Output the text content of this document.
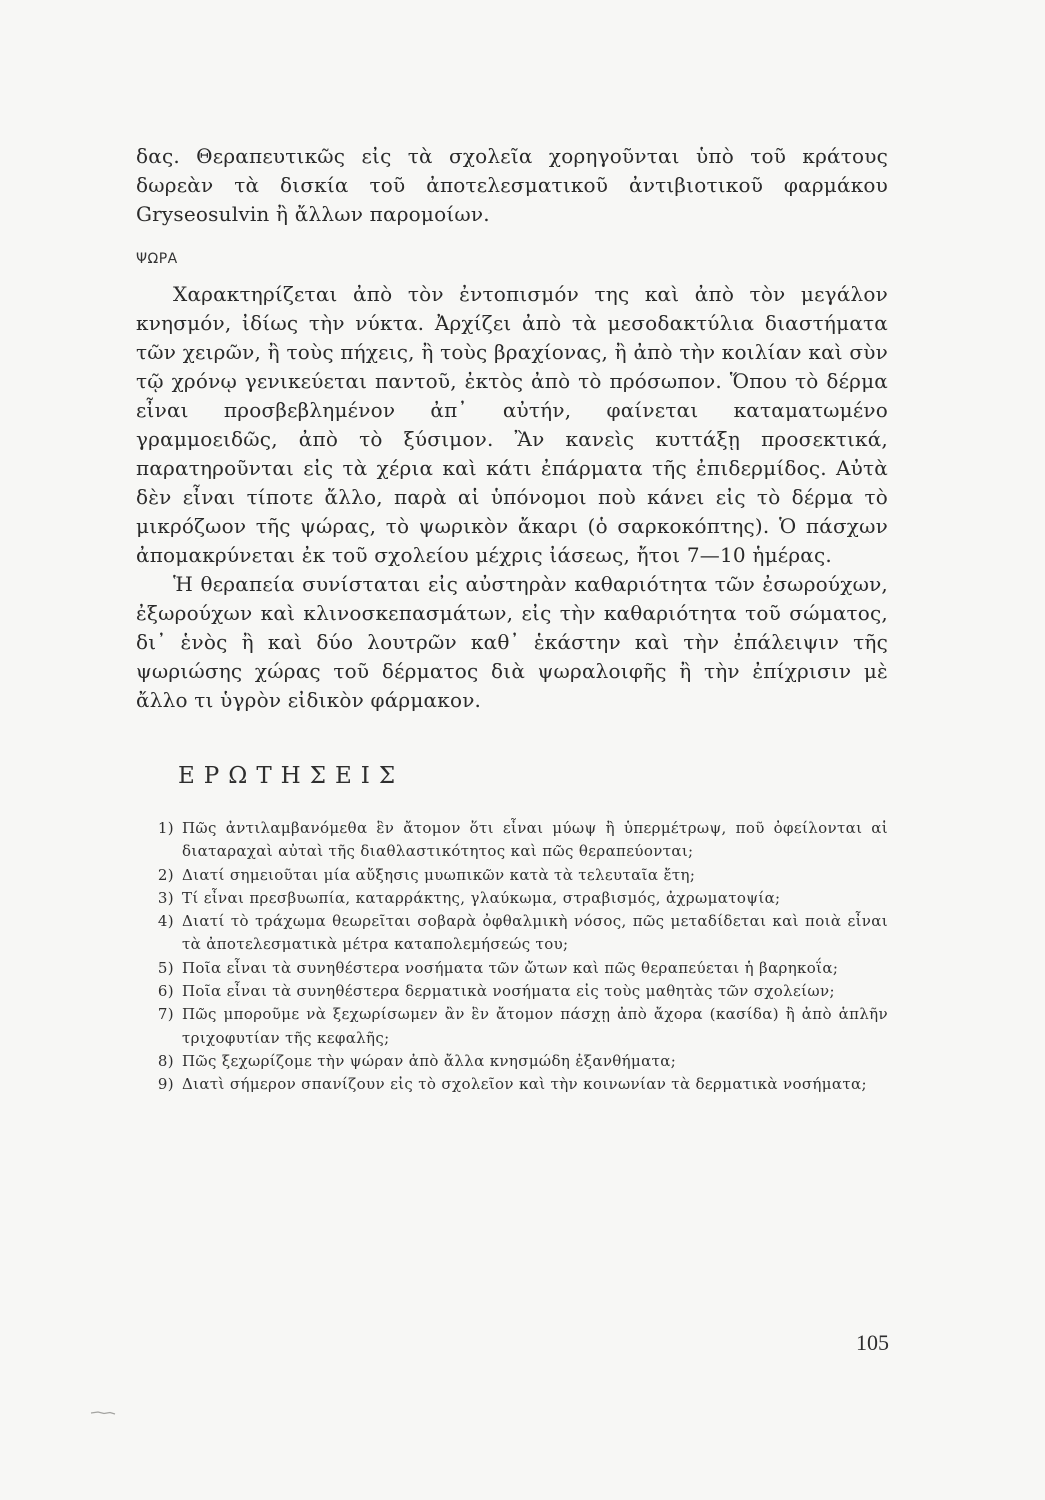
δας. Θεραπευτικῶς εἰς τὰ σχολεῖα χορηγοῦνται ὑπὸ τοῦ κράτους δωρεὰν τὰ δισκία τοῦ ἀποτελεσματικοῦ ἀντιβιοτικοῦ φαρμάκου Gryseosulvin ἢ ἄλλων παρομοίων.

ΨΩΡΑ

Χαρακτηρίζεται ἀπὸ τὸν ἐντοπισμόν της καὶ ἀπὸ τὸν μεγάλον κνησμόν, ἰδίως τὴν νύκτα. Ἀρχίζει ἀπὸ τὰ μεσοδακτύλια διαστήματα τῶν χειρῶν, ἢ τοὺς πήχεις, ἢ τοὺς βραχίονας, ἢ ἀπὸ τὴν κοιλίαν καὶ σὺν τῷ χρόνῳ γενικεύεται παντοῦ, ἐκτὸς ἀπὸ τὸ πρόσωπον. Ὅπου τὸ δέρμα εἶναι προσβεβλημένον ἀπ᾽ αὐτήν, φαίνεται καταματωμένο γραμμοειδῶς, ἀπὸ τὸ ξύσιμον. Ἂν κανεὶς κυττάξῃ προσεκτικά, παρατηροῦνται εἰς τὰ χέρια καὶ κάτι ἐπάρματα τῆς ἐπιδερμίδος. Αὐτὰ δὲν εἶναι τίποτε ἄλλο, παρὰ αἱ ὑπόνομοι ποὺ κάνει εἰς τὸ δέρμα τὸ μικρόζωον τῆς ψώρας, τὸ ψωρικὸν ἄκαρι (ὁ σαρκοκόπτης). Ὁ πάσχων ἀπομακρύνεται ἐκ τοῦ σχολείου μέχρις ἰάσεως, ἤτοι 7—10 ἡμέρας.

Ἡ θεραπεία συνίσταται εἰς αὐστηρὰν καθαριότητα τῶν ἐσωρούχων, ἐξωρούχων καὶ κλινοσκεπασμάτων, εἰς τὴν καθαριότητα τοῦ σώματος, δι᾽ ἑνὸς ἢ καὶ δύο λουτρῶν καθ᾽ ἑκάστην καὶ τὴν ἐπάλειψιν τῆς ψωριώσης χώρας τοῦ δέρματος διὰ ψωραλοιφῆς ἢ τὴν ἐπίχρισιν μὲ ἄλλο τι ὑγρὸν εἰδικὸν φάρμακον.

ΕΡΩΤΗΣΕΙΣ
1) Πῶς ἀντιλαμβανόμεθα ἓν ἄτομον ὅτι εἶναι μύωψ ἢ ὑπερμέτρωψ, ποῦ ὀφείλονται αἱ διαταραχαὶ αὐταὶ τῆς διαθλαστικότητος καὶ πῶς θεραπεύονται;
2) Διατί σημειοῦται μία αὔξησις μυωπικῶν κατὰ τὰ τελευταῖα ἔτη;
3) Τί εἶναι πρεσβυωπία, καταρράκτης, γλαύκωμα, στραβισμός, ἀχρωματοψία;
4) Διατί τὸ τράχωμα θεωρεῖται σοβαρὰ ὀφθαλμικὴ νόσος, πῶς μεταδίδεται καὶ ποιὰ εἶναι τὰ ἀποτελεσματικὰ μέτρα καταπολεμήσεώς του;
5) Ποῖα εἶναι τὰ συνηθέστερα νοσήματα τῶν ὤτων καὶ πῶς θεραπεύεται ἡ βαρηκοΐα;
6) Ποῖα εἶναι τὰ συνηθέστερα δερματικὰ νοσήματα εἰς τοὺς μαθητὰς τῶν σχολείων;
7) Πῶς μποροῦμε νὰ ξεχωρίσωμεν ἂν ἓν ἄτομον πάσχῃ ἀπὸ ἄχορα (κασίδα) ἢ ἀπὸ ἁπλῆν τριχοφυτίαν τῆς κεφαλῆς;
8) Πῶς ξεχωρίζομε τὴν ψώραν ἀπὸ ἄλλα κνησμώδη ἐξανθήματα;
9) Διατὶ σήμερον σπανίζουν εἰς τὸ σχολεῖον καὶ τὴν κοινωνίαν τὰ δερματικὰ νοσήματα;
105
